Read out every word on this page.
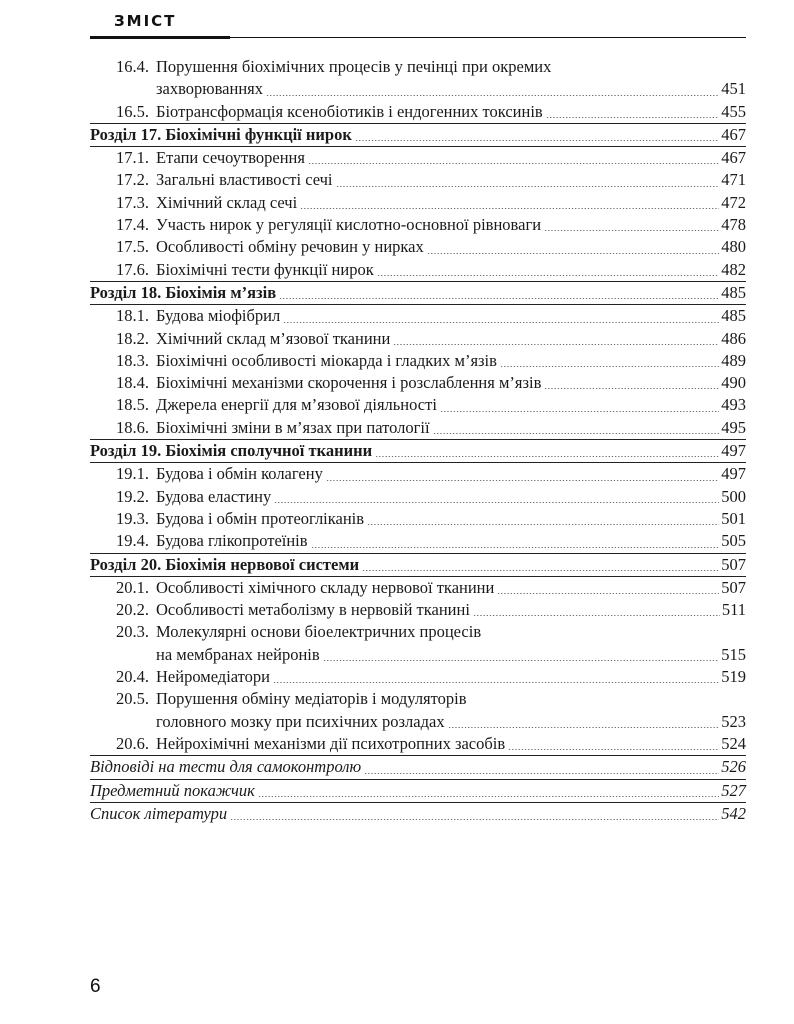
ЗМІСТ
16.4. Порушення біохімічних процесів у печінці при окремих
захворюваннях	451
16.5. Біотрансформація ксенобіотиків і ендогенних токсинів	455
Розділ 17. Біохімічні функції нирок	467
17.1. Етапи сечоутворення	467
17.2. Загальні властивості сечі	471
17.3. Хімічний склад сечі	472
17.4. Участь нирок у регуляції кислотно-основної рівноваги	478
17.5. Особливості обміну речовин у нирках	480
17.6. Біохімічні тести функції нирок	482
Розділ 18. Біохімія м’язів	485
18.1. Будова міофібрил	485
18.2. Хімічний склад м’язової тканини	486
18.3. Біохімічні особливості міокарда і гладких м’язів	489
18.4. Біохімічні механізми скорочення і розслаблення м’язів	490
18.5. Джерела енергії для м’язової діяльності	493
18.6. Біохімічні зміни в м’язах при патології	495
Розділ 19. Біохімія сполучної тканини	497
19.1. Будова і обмін колагену	497
19.2. Будова еластину	500
19.3. Будова і обмін протеогліканів	501
19.4. Будова глікопротеїнів	505
Розділ 20. Біохімія нервової системи	507
20.1. Особливості хімічного складу нервової тканини	507
20.2. Особливості метаболізму в нервовій тканині	511
20.3. Молекулярні основи біоелектричних процесів
на мембранах нейронів	515
20.4. Нейромедіатори	519
20.5. Порушення обміну медіаторів і модуляторів
головного мозку при психічних розладах	523
20.6. Нейрохімічні механізми дії психотропних засобів	524
Відповіді на тести для самоконтролю	526
Предметний покажчик	527
Список літератури	542
6
